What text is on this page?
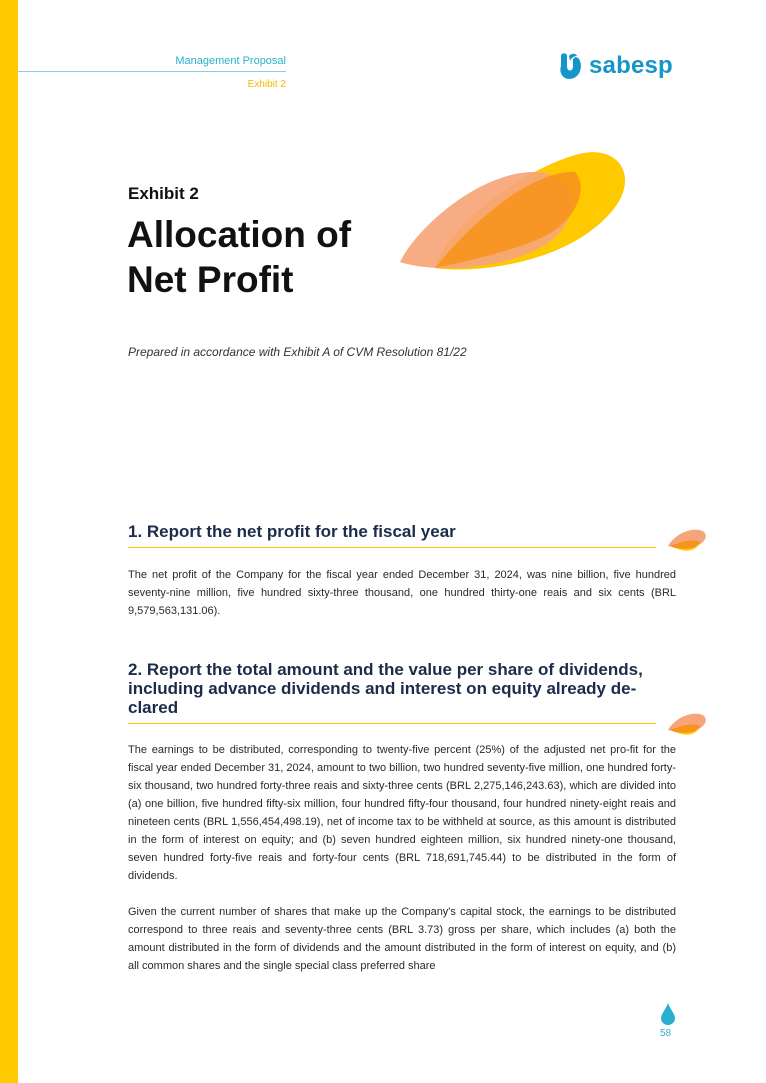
Management Proposal
Exhibit 2
sabesp
Exhibit 2
Allocation of
Net Profit
Prepared in accordance with Exhibit A of CVM Resolution 81/22
1. Report the net profit for the fiscal year

The net profit of the Company for the fiscal year ended December 31, 2024, was nine billion, five hundred seventy-nine million, five hundred sixty-three thousand, one hundred thirty-one reais and six cents (BRL 9,579,563,131.06).

2. Report the total amount and the value per share of dividends, including advance dividends and interest on equity already de-clared

The earnings to be distributed, corresponding to twenty-five percent (25%) of the adjusted net pro-fit for the fiscal year ended December 31, 2024, amount to two billion, two hundred seventy-five million, one hundred forty-six thousand, two hundred forty-three reais and sixty-three cents (BRL 2,275,146,243.63), which are divided into (a) one billion, five hundred fifty-six million, four hundred fifty-four thousand, four hundred ninety-eight reais and nineteen cents (BRL 1,556,454,498.19), net of income tax to be withheld at source, as this amount is distributed in the form of interest on equity; and (b) seven hundred eighteen million, six hundred ninety-one thousand, seven hundred forty-five reais and forty-four cents (BRL 718,691,745.44) to be distributed in the form of dividends.

Given the current number of shares that make up the Company's capital stock, the earnings to be distributed correspond to three reais and seventy-three cents (BRL 3.73) gross per share, which includes (a) both the amount distributed in the form of dividends and the amount distributed in the form of interest on equity, and (b) all common shares and the single special class preferred share

58
